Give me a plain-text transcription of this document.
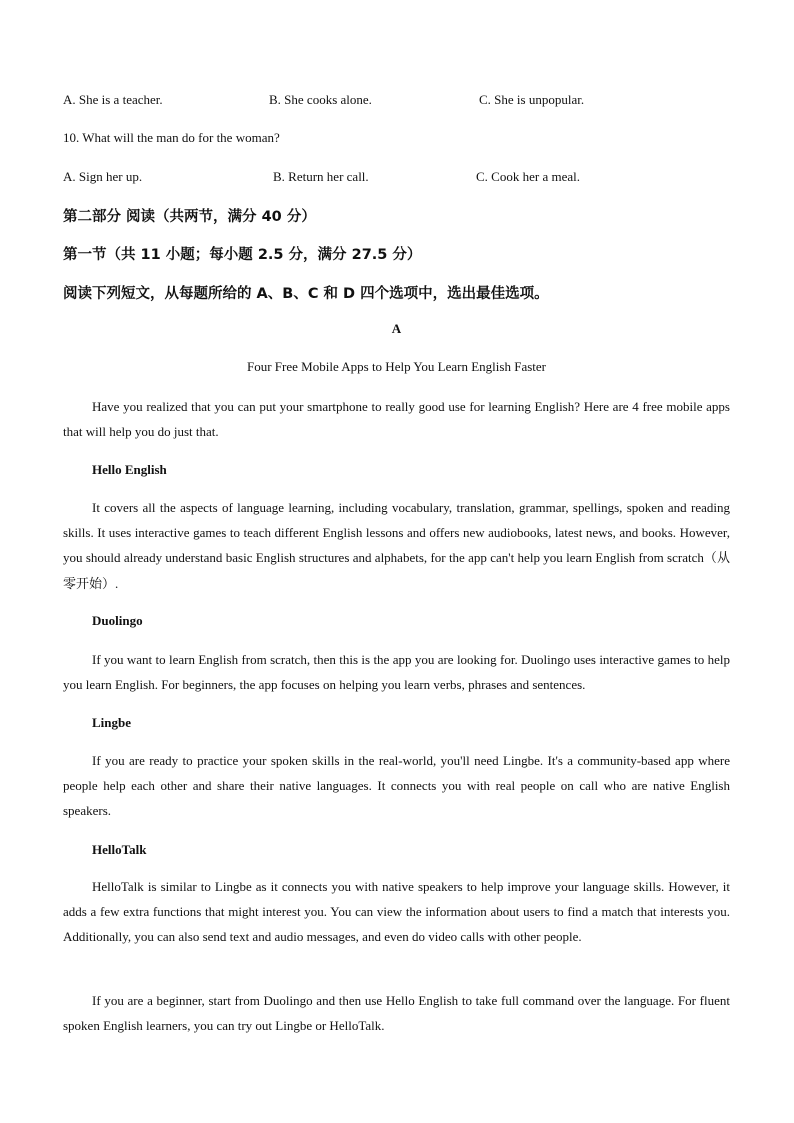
A. She is a teacher.	B. She cooks alone.	C. She is unpopular.
10. What will the man do for the woman?
A. Sign her up.	B. Return her call.	C. Cook her a meal.
第二部分 阅读（共两节，满分 40 分）
第一节（共 11 小题；每小题 2.5 分，满分 27.5 分）
阅读下列短文，从每题所给的 A、B、C 和 D 四个选项中，选出最佳选项。
A
Four Free Mobile Apps to Help You Learn English Faster
Have you realized that you can put your smartphone to really good use for learning English? Here are 4 free mobile apps that will help you do just that.
Hello English
It covers all the aspects of language learning, including vocabulary, translation, grammar, spellings, spoken and reading skills. It uses interactive games to teach different English lessons and offers new audiobooks, latest news, and books. However, you should already understand basic English structures and alphabets, for the app can't help you learn English from scratch（从零开始）.
Duolingo
If you want to learn English from scratch, then this is the app you are looking for. Duolingo uses interactive games to help you learn English. For beginners, the app focuses on helping you learn verbs, phrases and sentences.
Lingbe
If you are ready to practice your spoken skills in the real-world, you'll need Lingbe. It's a community-based app where people help each other and share their native languages. It connects you with real people on call who are native English speakers.
HelloTalk
HelloTalk is similar to Lingbe as it connects you with native speakers to help improve your language skills. However, it adds a few extra functions that might interest you. You can view the information about users to find a match that interests you. Additionally, you can also send text and audio messages, and even do video calls with other people.
If you are a beginner, start from Duolingo and then use Hello English to take full command over the language. For fluent spoken English learners, you can try out Lingbe or HelloTalk.
